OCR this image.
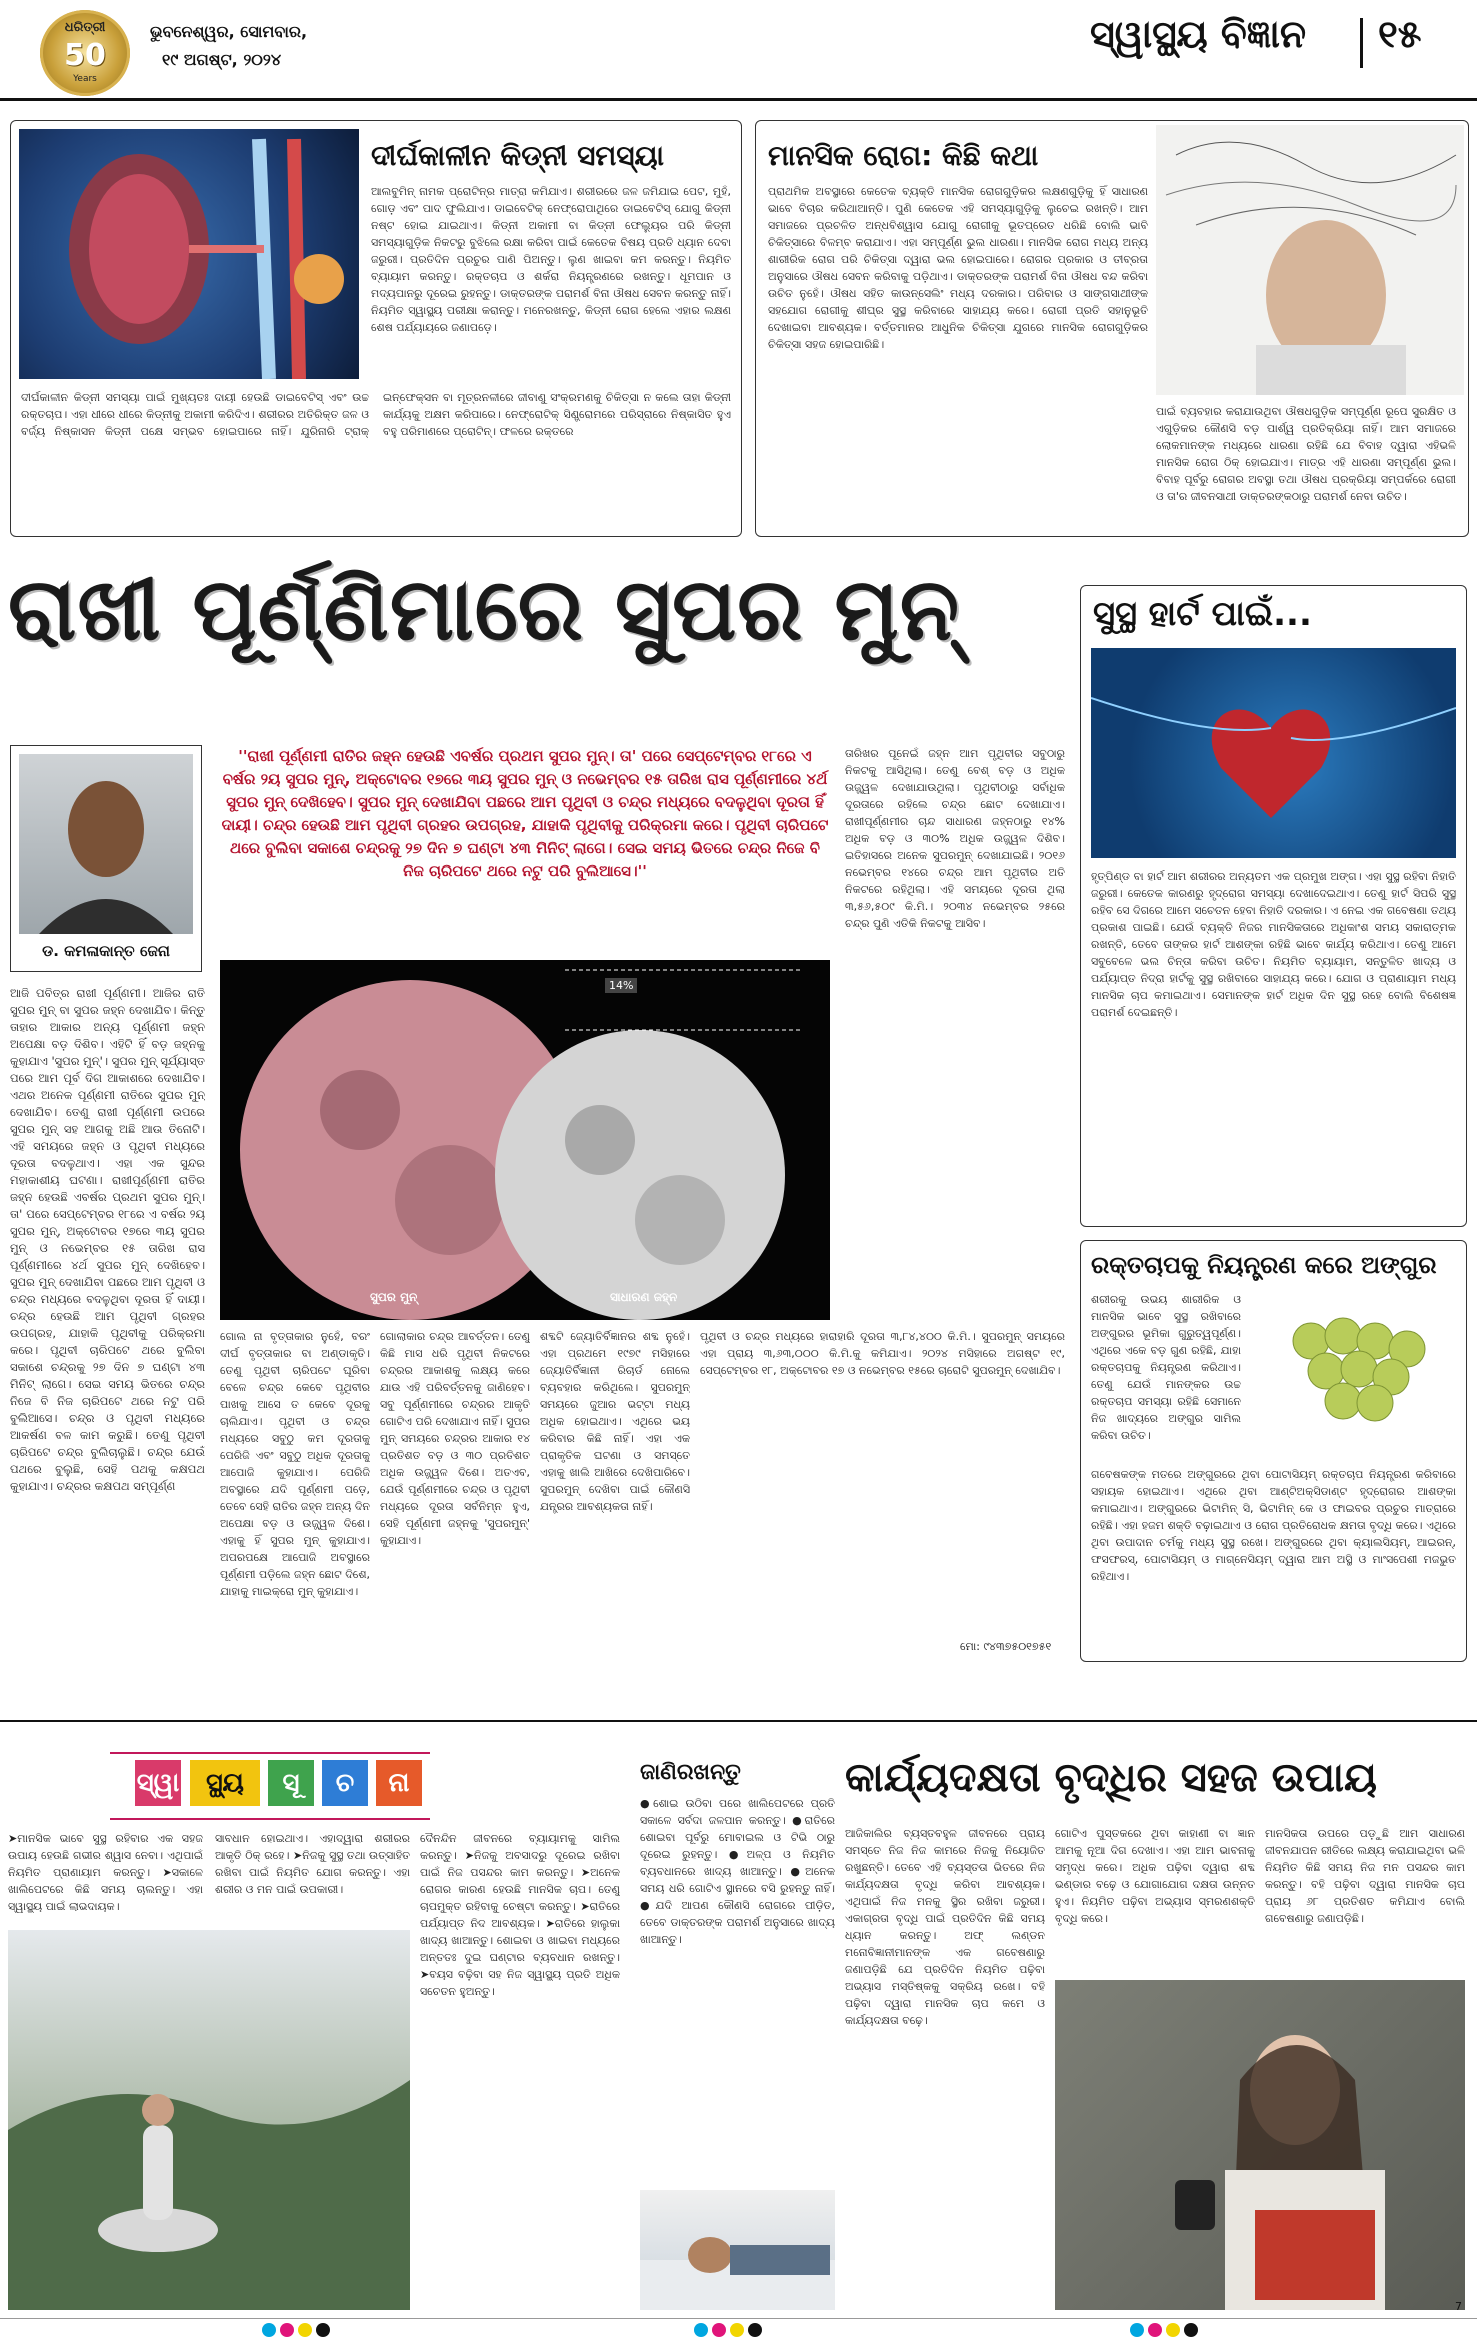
ଧରିତ୍ରୀ
50
Years
ଭୁବନେଶ୍ୱର, ସୋମବାର,
୧୯ ଅଗଷ୍ଟ, ୨୦୨୪
ସ୍ୱାସ୍ଥ୍ୟ ବିଜ୍ଞାନ ୧୫
ଦୀର୍ଘକାଳୀନ କିଡ୍‌ନୀ ସମସ୍ୟା
ଆଲବୁମିନ୍ ନାମକ ପ୍ରୋଟିନ୍‌ର ମାତ୍ରା କମିଯାଏ। ଶରୀରରେ ଜଳ ଜମିଯାଇ ପେଟ, ମୁହଁ, ଗୋଡ଼ ଏବଂ ପାଦ ଫୁଲିଯାଏ। ଡାଇବେଟିକ୍ ନେଫ୍ରୋପାଥିରେ ଡାଇବେଟିସ୍ ଯୋଗୁ କିଡ୍‌ନୀ ନଷ୍ଟ ହୋଇ ଯାଇଥାଏ। କିଡ୍‌ନୀ ଅକାମୀ ବା କିଡ୍‌ନୀ ଫେଲ୍ୟୁର ପରି କିଡ୍‌ନୀ ସମସ୍ୟାଗୁଡ଼ିକ ନିକଟରୁ ବୁଝିଲେ ରକ୍ଷା କରିବା ପାଇଁ କେତେକ ବିଷୟ ପ୍ରତି ଧ୍ୟାନ ଦେବା ଜରୁରୀ। ପ୍ରତିଦିନ ପ୍ରଚୁର ପାଣି ପିଅନ୍ତୁ। ଲୁଣ ଖାଇବା କମ କରନ୍ତୁ। ନିୟମିତ ବ୍ୟାୟାମ କରନ୍ତୁ। ରକ୍ତଚାପ ଓ ଶର୍କରା ନିୟନ୍ତ୍ରଣରେ ରଖନ୍ତୁ। ଧୂମପାନ ଓ ମଦ୍ୟପାନରୁ ଦୂରେଇ ରୁହନ୍ତୁ। ଡାକ୍ତରଙ୍କ ପରାମର୍ଶ ବିନା ଔଷଧ ସେବନ କରନ୍ତୁ ନାହିଁ। ନିୟମିତ ସ୍ୱାସ୍ଥ୍ୟ ପରୀକ୍ଷା କରାନ୍ତୁ। ମନେରଖନ୍ତୁ, କିଡ୍‌ନୀ ରୋଗ ହେଲେ ଏହାର ଲକ୍ଷଣ ଶେଷ ପର୍ଯ୍ୟାୟରେ ଜଣାପଡ଼େ।
ଦୀର୍ଘକାଳୀନ କିଡ୍‌ନୀ ସମସ୍ୟା ପାଇଁ ମୁଖ୍ୟତଃ ଦାୟୀ ହେଉଛି ଡାଇବେଟିସ୍ ଏବଂ ଉଚ୍ଚ ରକ୍ତଚାପ। ଏହା ଧୀରେ ଧୀରେ କିଡ୍‌ନୀକୁ ଅକାମୀ କରିଦିଏ। ଶରୀରର ଅତିରିକ୍ତ ଜଳ ଓ ବର୍ଜ୍ୟ ନିଷ୍କାସନ କିଡ୍‌ନୀ ପକ୍ଷେ ସମ୍ଭବ ହୋଇପାରେ ନାହିଁ। ଯୁରିନାରି ଟ୍ରାକ୍ ଇନ୍‌ଫେକ୍‌ସନ ବା ମୂତ୍ରନଳୀରେ ଜୀବାଣୁ ସଂକ୍ରମଣକୁ ଚିକିତ୍ସା ନ କଲେ ତାହା କିଡ୍‌ନୀ କାର୍ଯ୍ୟକୁ ଅକ୍ଷମ କରିପାରେ। ନେଫ୍ରୋଟିକ୍ ସିଣ୍ଡ୍ରୋମରେ ପରିସ୍ରାରେ ନିଷ୍କାସିତ ହୁଏ ବହୁ ପରିମାଣରେ ପ୍ରୋଟିନ୍। ଫଳରେ ରକ୍ତରେ
ମାନସିକ ରୋଗ: କିଛି କଥା
ପ୍ରାଥମିକ ଅବସ୍ଥାରେ କେତେକ ବ୍ୟକ୍ତି ମାନସିକ ରୋଗଗୁଡ଼ିକର ଲକ୍ଷଣଗୁଡ଼ିକୁ ହିଁ ସାଧାରଣ ଭାବେ ବିଚାର କରିଥାଆନ୍ତି। ପୁଣି କେତେକ ଏହି ସମସ୍ୟାଗୁଡ଼ିକୁ ଲୁଚେଇ ରଖନ୍ତି। ଆମ ସମାଜରେ ପ୍ରଚଳିତ ଅନ୍ଧବିଶ୍ୱାସ ଯୋଗୁ ରୋଗୀକୁ ଭୂତପ୍ରେତ ଧରିଛି ବୋଲି ଭାବି ଚିକିତ୍ସାରେ ବିଳମ୍ବ କରାଯାଏ। ଏହା ସମ୍ପୂର୍ଣ୍ଣ ଭୁଲ ଧାରଣା। ମାନସିକ ରୋଗ ମଧ୍ୟ ଅନ୍ୟ ଶାରୀରିକ ରୋଗ ପରି ଚିକିତ୍ସା ଦ୍ୱାରା ଭଲ ହୋଇପାରେ। ରୋଗର ପ୍ରକାର ଓ ତୀବ୍ରତା ଅନୁସାରେ ଔଷଧ ସେବନ କରିବାକୁ ପଡ଼ିଥାଏ। ଡାକ୍ତରଙ୍କ ପରାମର୍ଶ ବିନା ଔଷଧ ବନ୍ଦ କରିବା ଉଚିତ ନୁହେଁ। ଔଷଧ ସହିତ କାଉନ୍ସେଲିଂ ମଧ୍ୟ ଦରକାର। ପରିବାର ଓ ସାଙ୍ଗସାଥୀଙ୍କ ସହଯୋଗ ରୋଗୀକୁ ଶୀଘ୍ର ସୁସ୍ଥ କରିବାରେ ସାହାଯ୍ୟ କରେ। ରୋଗୀ ପ୍ରତି ସହାନୁଭୂତି ଦେଖାଇବା ଆବଶ୍ୟକ। ବର୍ତ୍ତମାନର ଆଧୁନିକ ଚିକିତ୍ସା ଯୁଗରେ ମାନସିକ ରୋଗଗୁଡ଼ିକର ଚିକିତ୍ସା ସହଜ ହୋଇପାରିଛି।
ପାଇଁ ବ୍ୟବହାର କରାଯାଉଥିବା ଔଷଧଗୁଡ଼ିକ ସମ୍ପୂର୍ଣ୍ଣ ରୂପେ ସୁରକ୍ଷିତ ଓ ଏଗୁଡ଼ିକର କୌଣସି ବଡ଼ ପାର୍ଶ୍ୱ ପ୍ରତିକ୍ରିୟା ନାହିଁ। ଆମ ସମାଜରେ ଲୋକମାନଙ୍କ ମଧ୍ୟରେ ଧାରଣା ରହିଛି ଯେ ବିବାହ ଦ୍ୱାରା ଏହିଭଳି ମାନସିକ ରୋଗ ଠିକ୍ ହୋଇଯାଏ। ମାତ୍ର ଏହି ଧାରଣା ସମ୍ପୂର୍ଣ୍ଣ ଭୁଲ। ବିବାହ ପୂର୍ବରୁ ରୋଗର ଅବସ୍ଥା ତଥା ଔଷଧ ପ୍ରକ୍ରିୟା ସମ୍ପର୍କରେ ରୋଗୀ ଓ ତା'ର ଜୀବନସାଥୀ ଡାକ୍ତରଙ୍କଠାରୁ ପରାମର୍ଶ ନେବା ଉଚିତ।
ରାଖୀ ପୂର୍ଣ୍ଣିମାରେ ସୁପର ମୁନ୍
ଡ. କମଳାକାନ୍ତ ଜେନା
''ରାଖୀ ପୂର୍ଣ୍ଣମୀ ରାତିର ଜହ୍ନ ହେଉଛି ଏବର୍ଷର ପ୍ରଥମ ସୁପର ମୁନ୍। ତା' ପରେ ସେପ୍ଟେମ୍ବର ୧୮ରେ ଏ ବର୍ଷର ୨ୟ ସୁପର ମୁନ୍, ଅକ୍ଟୋବର ୧୭ରେ ୩ୟ ସୁପର ମୁନ୍ ଓ ନଭେମ୍ବର ୧୫ ତାରିଖ ରାସ ପୂର୍ଣ୍ଣମୀରେ ୪ର୍ଥ ସୁପର ମୁନ୍ ଦେଖିହେବ। ସୁପର ମୁନ୍ ଦେଖାଯିବା ପଛରେ ଆମ ପୃଥିବୀ ଓ ଚନ୍ଦ୍ର ମଧ୍ୟରେ ବଦଳୁଥିବା ଦୂରତା ହିଁ ଦାୟୀ। ଚନ୍ଦ୍ର ହେଉଛି ଆମ ପୃଥିବୀ ଗ୍ରହର ଉପଗ୍ରହ, ଯାହାକି ପୃଥିବୀକୁ ପରିକ୍ରମା କରେ। ପୃଥିବୀ ଚାରିପଟେ ଥରେ ବୁଲିବା ସକାଶେ ଚନ୍ଦ୍ରକୁ ୨୭ ଦିନ ୭ ଘଣ୍ଟା ୪୩ ମିନିଟ୍ ଲାଗେ। ସେଇ ସମୟ ଭିତରେ ଚନ୍ଦ୍ର ନିଜେ ବି ନିଜ ଚାରିପଟେ ଥରେ ନଟୁ ପରି ବୁଲିଆସେ।''
14%
ସୁପର ମୁନ୍	ସାଧାରଣ ଜହ୍ନ
ଆଜି ପବିତ୍ର ରାଖୀ ପୂର୍ଣ୍ଣମୀ। ଆଜିର ରାତି ସୁପର ମୁନ୍ ବା ସୁପର ଜହ୍ନ ଦେଖାଯିବ। କିନ୍ତୁ ତାହାର ଆକାର ଅନ୍ୟ ପୂର୍ଣ୍ଣମୀ ଜହ୍ନ ଅପେକ୍ଷା ବଡ଼ ଦିଶିବ। ଏହିଟି ହିଁ ବଡ଼ ଜହ୍ନକୁ କୁହାଯାଏ 'ସୁପର ମୁନ୍'। ସୁପର ମୁନ୍ ସୂର୍ଯ୍ୟାସ୍ତ ପରେ ଆମ ପୂର୍ବ ଦିଗ ଆକାଶରେ ଦେଖାଯିବ। ଏଥର ଅନେକ ପୂର୍ଣ୍ଣମୀ ରାତିରେ ସୁପର ମୁନ୍ ଦେଖାଯିବ। ତେଣୁ ରାଖୀ ପୂର୍ଣ୍ଣମୀ ଉପରେ ସୁପର ମୁନ୍ ସହ ଆଗକୁ ଅଛି ଆଉ ତିନୋଟି। ଏହି ସମୟରେ ଜହ୍ନ ଓ ପୃଥିବୀ ମଧ୍ୟରେ ଦୂରତା ବଦଳୁଥାଏ। ଏହା ଏକ ସୁନ୍ଦର ମହାକାଶୀୟ ଘଟଣା। ରାଖୀପୂର୍ଣ୍ଣମୀ ରାତିର ଜହ୍ନ ହେଉଛି ଏବର୍ଷର ପ୍ରଥମ ସୁପର ମୁନ୍। ତା' ପରେ ସେପ୍ଟେମ୍ବର ୧୮ରେ ଏ ବର୍ଷର ୨ୟ ସୁପର ମୁନ୍, ଅକ୍ଟୋବର ୧୭ରେ ୩ୟ ସୁପର ମୁନ୍ ଓ ନଭେମ୍ବର ୧୫ ତାରିଖ ରାସ ପୂର୍ଣ୍ଣମୀରେ ୪ର୍ଥ ସୁପର ମୁନ୍ ଦେଖିହେବ। ସୁପର ମୁନ୍ ଦେଖାଯିବା ପଛରେ ଆମ ପୃଥିବୀ ଓ ଚନ୍ଦ୍ର ମଧ୍ୟରେ ବଦଳୁଥିବା ଦୂରତା ହିଁ ଦାୟୀ। ଚନ୍ଦ୍ର ହେଉଛି ଆମ ପୃଥିବୀ ଗ୍ରହର ଉପଗ୍ରହ, ଯାହାକି ପୃଥିବୀକୁ ପରିକ୍ରମା କରେ। ପୃଥିବୀ ଚାରିପଟେ ଥରେ ବୁଲିବା ସକାଶେ ଚନ୍ଦ୍ରକୁ ୨୭ ଦିନ ୭ ଘଣ୍ଟା ୪୩ ମିନିଟ୍ ଲାଗେ। ସେଇ ସମୟ ଭିତରେ ଚନ୍ଦ୍ର ନିଜେ ବି ନିଜ ଚାରିପଟେ ଥରେ ନଟୁ ପରି ବୁଲିଆସେ। ଚନ୍ଦ୍ର ଓ ପୃଥିବୀ ମଧ୍ୟରେ ଆକର୍ଷଣ ବଳ କାମ କରୁଛି। ତେଣୁ ପୃଥିବୀ ଚାରିପଟେ ଚନ୍ଦ୍ର ବୁଲିଚାଲୁଛି। ଚନ୍ଦ୍ର ଯେଉଁ ପଥରେ ବୁଲୁଛି, ସେହି ପଥକୁ କକ୍ଷପଥ କୁହାଯାଏ। ଚନ୍ଦ୍ରର କକ୍ଷପଥ ସମ୍ପୂର୍ଣ୍ଣ
ଗୋଲ ନା ବୃତ୍ତାକାର ନୁହେଁ, ବରଂ ଦୀର୍ଘ ବୃତ୍ତାକାର ବା ଅଣ୍ଡାକୃତି। ତେଣୁ ପୃଥିବୀ ଚାରିପଟେ ଘୂରିବା ବେଳେ ଚନ୍ଦ୍ର କେବେ ପୃଥିବୀର ପାଖକୁ ଆସେ ତ କେବେ ଦୂରକୁ ଚାଲିଯାଏ। ପୃଥିବୀ ଓ ଚନ୍ଦ୍ର ମଧ୍ୟରେ ସବୁଠୁ କମ ଦୂରତାକୁ ପେରିଜି ଏବଂ ସବୁଠୁ ଅଧିକ ଦୂରତାକୁ ଆପୋଜି କୁହାଯାଏ। ପେରିଜି ଅବସ୍ଥାରେ ଯଦି ପୂର୍ଣ୍ଣମୀ ପଡ଼େ, ତେବେ ସେହି ରାତିର ଜହ୍ନ ଅନ୍ୟ ଦିନ ଅପେକ୍ଷା ବଡ଼ ଓ ଉଜ୍ଜ୍ୱଳ ଦିଶେ। ଏହାକୁ ହିଁ ସୁପର ମୁନ୍ କୁହାଯାଏ। ଅପରପକ୍ଷେ ଆପୋଜି ଅବସ୍ଥାରେ ପୂର୍ଣ୍ଣମୀ ପଡ଼ିଲେ ଜହ୍ନ ଛୋଟ ଦିଶେ, ଯାହାକୁ ମାଇକ୍ରୋ ମୁନ୍ କୁହାଯାଏ।
ଗୋଲାକାର ଚନ୍ଦ୍ର ଆବର୍ତ୍ତନ। ତେଣୁ କିଛି ମାସ ଧରି ପୃଥିବୀ ନିକଟରେ ଚନ୍ଦ୍ରର ଆକାଶକୁ ଲକ୍ଷ୍ୟ କରେ ଯାଉ ଏହି ପରିବର୍ତ୍ତନକୁ ଜାଣିହେବ। ସବୁ ପୂର୍ଣ୍ଣମୀରେ ଚନ୍ଦ୍ରର ଆକୃତି ଗୋଟିଏ ପରି ଦେଖାଯାଏ ନାହିଁ। ସୁପର ମୁନ୍ ସମୟରେ ଚନ୍ଦ୍ରର ଆକାର ୧୪ ପ୍ରତିଶତ ବଡ଼ ଓ ୩୦ ପ୍ରତିଶତ ଅଧିକ ଉଜ୍ଜ୍ୱଳ ଦିଶେ। ଅତଏବ, ଯେଉଁ ପୂର୍ଣ୍ଣମୀରେ ଚନ୍ଦ୍ର ଓ ପୃଥିବୀ ମଧ୍ୟରେ ଦୂରତା ସର୍ବନିମ୍ନ ହୁଏ, ସେହି ପୂର୍ଣ୍ଣମୀ ଜହ୍ନକୁ 'ସୁପରମୁନ୍' କୁହାଯାଏ।
ଶବ୍ଦଟି ଜ୍ୟୋତିର୍ବିଜ୍ଞାନର ଶବ୍ଦ ନୁହେଁ। ଏହା ପ୍ରଥମେ ୧୯୭୯ ମସିହାରେ ଜ୍ୟୋତିର୍ବିଜ୍ଞାନୀ ରିଚାର୍ଡ ନୋଲେ ବ୍ୟବହାର କରିଥିଲେ। ସୁପରମୁନ୍ ସମୟରେ ଜୁଆର ଭଟ୍ଟା ମଧ୍ୟ ଅଧିକ ହୋଇଥାଏ। ଏଥିରେ ଭୟ କରିବାର କିଛି ନାହିଁ। ଏହା ଏକ ପ୍ରାକୃତିକ ଘଟଣା ଓ ସମସ୍ତେ ଏହାକୁ ଖାଲି ଆଖିରେ ଦେଖିପାରିବେ। ସୁପରମୁନ୍ ଦେଖିବା ପାଇଁ କୌଣସି ଯନ୍ତ୍ରର ଆବଶ୍ୟକତା ନାହିଁ।
ତାରିଖର ପୂନେଇଁ ଜହ୍ନ ଆମ ପୃଥିବୀର ସବୁଠାରୁ ନିକଟକୁ ଆସିଥିଲା। ତେଣୁ ବେଶ୍ ବଡ଼ ଓ ଅଧିକ ଉଜ୍ଜ୍ୱଳ ଦେଖାଯାଉଥିଲା। ପୃଥିବୀଠାରୁ ସର୍ବାଧିକ ଦୂରତାରେ ରହିଲେ ଚନ୍ଦ୍ର ଛୋଟ ଦେଖାଯାଏ। ରାଖୀପୂର୍ଣ୍ଣମୀର ଚାନ୍ଦ ସାଧାରଣ ଜହ୍ନଠାରୁ ୧୪% ଅଧିକ ବଡ଼ ଓ ୩୦% ଅଧିକ ଉଜ୍ଜ୍ୱଳ ଦିଶିବ। ଇତିହାସରେ ଅନେକ ସୁପରମୁନ୍ ଦେଖାଯାଇଛି। ୨୦୧୬ ନଭେମ୍ବର ୧୪ରେ ଚନ୍ଦ୍ର ଆମ ପୃଥିବୀର ଅତି ନିକଟରେ ରହିଥିଲା। ଏହି ସମୟରେ ଦୂରତା ଥିଲା ୩,୫୬,୫୦୯ କି.ମି.। ୨୦୩୪ ନଭେମ୍ବର ୨୫ରେ ଚନ୍ଦ୍ର ପୁଣି ଏତିକି ନିକଟକୁ ଆସିବ।
ପୃଥିବୀ ଓ ଚନ୍ଦ୍ର ମଧ୍ୟରେ ହାରାହାରି ଦୂରତା ୩,୮୪,୪୦୦ କି.ମି.। ସୁପରମୁନ୍ ସମୟରେ ଏହା ପ୍ରାୟ ୩,୬୩,୦୦୦ କି.ମି.କୁ କମିଯାଏ। ୨୦୨୪ ମସିହାରେ ଅଗଷ୍ଟ ୧୯, ସେପ୍ଟେମ୍ବର ୧୮, ଅକ୍ଟୋବର ୧୭ ଓ ନଭେମ୍ବର ୧୫ରେ ଚାରୋଟି ସୁପରମୁନ୍ ଦେଖାଯିବ।
ମୋ: ୯୪୩୭୫୦୧୭୫୧
ସୁସ୍ଥ ହାର୍ଟ ପାଇଁ...
ହୃତ୍‌ପିଣ୍ଡ ବା ହାର୍ଟ ଆମ ଶରୀରର ଅନ୍ୟତମ ଏକ ପ୍ରମୁଖ ଅଙ୍ଗ। ଏହା ସୁସ୍ଥ ରହିବା ନିହାତି ଜରୁରୀ। କେତେକ କାରଣରୁ ହୃଦ୍‌ରୋଗ ସମସ୍ୟା ଦେଖାଦେଇଥାଏ। ତେଣୁ ହାର୍ଟ ସିପରି ସୁସ୍ଥ ରହିବ ସେ ଦିଗରେ ଆମେ ସଚେତନ ହେବା ନିହାତି ଦରକାର। ଏ ନେଇ ଏକ ଗବେଷଣା ତଥ୍ୟ ପ୍ରକାଶ ପାଇଛି। ଯେଉଁ ବ୍ୟକ୍ତି ନିଜର ମାନସିକତାରେ ଅଧିକାଂଶ ସମୟ ସକାରାତ୍ମକ ରଖନ୍ତି, ତେବେ ତାଙ୍କର ହାର୍ଟ ଆଶଙ୍କା ରହିଛି ଭାବେ କାର୍ଯ୍ୟ କରିଥାଏ। ତେଣୁ ଆମେ ସବୁବେଳେ ଭଲ ଚିନ୍ତା କରିବା ଉଚିତ। ନିୟମିତ ବ୍ୟାୟାମ, ସନ୍ତୁଳିତ ଖାଦ୍ୟ ଓ ପର୍ଯ୍ୟାପ୍ତ ନିଦ୍ରା ହାର୍ଟକୁ ସୁସ୍ଥ ରଖିବାରେ ସାହାଯ୍ୟ କରେ। ଯୋଗ ଓ ପ୍ରାଣାୟାମ ମଧ୍ୟ ମାନସିକ ଚାପ କମାଇଥାଏ। ସେମାନଙ୍କ ହାର୍ଟ ଅଧିକ ଦିନ ସୁସ୍ଥ ରହେ ବୋଲି ବିଶେଷଜ୍ଞ ପରାମର୍ଶ ଦେଇଛନ୍ତି।
ରକ୍ତଚାପକୁ ନିୟନ୍ତ୍ରଣ କରେ ଅଙ୍ଗୁର
ଶରୀରକୁ ଉଭୟ ଶାରୀରିକ ଓ ମାନସିକ ଭାବେ ସୁସ୍ଥ ରଖିବାରେ ଅଙ୍ଗୁରର ଭୂମିକା ଗୁରୁତ୍ୱପୂର୍ଣ୍ଣ। ଏଥିରେ ଏକେ ବଡ଼ ଗୁଣ ରହିଛି, ଯାହା ରକ୍ତଚାପକୁ ନିୟନ୍ତ୍ରଣ କରିଥାଏ। ତେଣୁ ଯେଉଁ ମାନଙ୍କର ଉଚ୍ଚ ରକ୍ତଚାପ ସମସ୍ୟା ରହିଛି ସେମାନେ ନିଜ ଖାଦ୍ୟରେ ଅଙ୍ଗୁର ସାମିଲ କରିବା ଉଚିତ।
ଗବେଷକଙ୍କ ମତରେ ଅଙ୍ଗୁରରେ ଥିବା ପୋଟାସିୟମ୍ ରକ୍ତଚାପ ନିୟନ୍ତ୍ରଣ କରିବାରେ ସହାୟକ ହୋଇଥାଏ। ଏଥିରେ ଥିବା ଆଣ୍ଟିଅକ୍‌ସିଡାଣ୍ଟ ହୃଦ୍‌ରୋଗର ଆଶଙ୍କା କମାଇଥାଏ। ଅଙ୍ଗୁରରେ ଭିଟାମିନ୍ ସି, ଭିଟାମିନ୍ କେ ଓ ଫାଇବର ପ୍ରଚୁର ମାତ୍ରାରେ ରହିଛି। ଏହା ହଜମ ଶକ୍ତି ବଢ଼ାଇଥାଏ ଓ ରୋଗ ପ୍ରତିରୋଧକ କ୍ଷମତା ବୃଦ୍ଧି କରେ। ଏଥିରେ ଥିବା ଉପାଦାନ ଚର୍ମକୁ ମଧ୍ୟ ସୁସ୍ଥ ରଖେ। ଅଙ୍ଗୁରରେ ଥିବା କ୍ୟାଲସିୟମ୍, ଆଇରନ୍, ଫସଫରସ୍, ପୋଟାସିୟମ୍ ଓ ମାଗ୍ନେସିୟମ୍ ଦ୍ୱାରା ଆମ ଅସ୍ଥି ଓ ମାଂସପେଶୀ ମଜଭୁତ ରହିଥାଏ।
ସ୍ୱା	ସ୍ଥ୍ୟ	ସୂ	ଚ	ନା
➤ମାନସିକ ଭାବେ ସୁସ୍ଥ ରହିବାର ଏକ ସହଜ ଉପାୟ ହେଉଛି ଗଭୀର ଶ୍ୱାସ ନେବା। ଏଥିପାଇଁ ନିୟମିତ ପ୍ରାଣାୟାମ କରନ୍ତୁ। ➤ସକାଳେ ଖାଲିପେଟରେ କିଛି ସମୟ ଚାଲନ୍ତୁ। ଏହା ସ୍ୱାସ୍ଥ୍ୟ ପାଇଁ ଲାଭଦାୟକ।
ସାବଧାନ ହୋଇଥାଏ। ଏହାଦ୍ୱାରା ଶରୀରର ଆକୃତି ଠିକ୍ ରହେ। ➤ନିଜକୁ ସୁସ୍ଥ ତଥା ଉତ୍ସାହିତ ରଖିବା ପାଇଁ ନିୟମିତ ଯୋଗ କରନ୍ତୁ। ଏହା ଶରୀର ଓ ମନ ପାଇଁ ଉପକାରୀ।
ଦୈନନ୍ଦିନ ଜୀବନରେ ବ୍ୟାୟାମକୁ ସାମିଲ କରନ୍ତୁ। ➤ନିଜକୁ ଅବସାଦରୁ ଦୂରେଇ ରଖିବା ପାଇଁ ନିଜ ପସନ୍ଦର କାମ କରନ୍ତୁ। ➤ଅନେକ ରୋଗର କାରଣ ହେଉଛି ମାନସିକ ଚାପ। ତେଣୁ ଚାପମୁକ୍ତ ରହିବାକୁ ଚେଷ୍ଟା କରନ୍ତୁ। ➤ରାତିରେ ପର୍ଯ୍ୟାପ୍ତ ନିଦ ଆବଶ୍ୟକ। ➤ରାତିରେ ହାଲୁକା ଖାଦ୍ୟ ଖାଆନ୍ତୁ। ଶୋଇବା ଓ ଖାଇବା ମଧ୍ୟରେ ଅନ୍ତତଃ ଦୁଇ ଘଣ୍ଟାର ବ୍ୟବଧାନ ରଖନ୍ତୁ। ➤ବୟସ ବଢ଼ିବା ସହ ନିଜ ସ୍ୱାସ୍ଥ୍ୟ ପ୍ରତି ଅଧିକ ସଚେତନ ହୁଅନ୍ତୁ।
ଜାଣିରଖନ୍ତୁ
●ଶୋଇ ଉଠିବା ପରେ ଖାଲିପେଟରେ ପ୍ରତି ସକାଳେ ସର୍ବଦା ଜଳପାନ କରନ୍ତୁ। ●ରାତିରେ ଶୋଇବା ପୂର୍ବରୁ ମୋବାଇଲ ଓ ଟିଭି ଠାରୁ ଦୂରେଇ ରୁହନ୍ତୁ। ●ଅଳ୍ପ ଓ ନିୟମିତ ବ୍ୟବଧାନରେ ଖାଦ୍ୟ ଖାଆନ୍ତୁ। ●ଅନେକ ସମୟ ଧରି ଗୋଟିଏ ସ୍ଥାନରେ ବସି ରୁହନ୍ତୁ ନାହିଁ। ●ଯଦି ଆପଣ କୌଣସି ରୋଗରେ ପୀଡ଼ିତ, ତେବେ ଡାକ୍ତରଙ୍କ ପରାମର୍ଶ ଅନୁସାରେ ଖାଦ୍ୟ ଖାଆନ୍ତୁ।
କାର୍ଯ୍ୟଦକ୍ଷତା ବୃଦ୍ଧିର ସହଜ ଉପାୟ
ଆଜିକାଲିର ବ୍ୟସ୍ତବହୁଳ ଜୀବନରେ ପ୍ରାୟ ସମସ୍ତେ ନିଜ ନିଜ କାମରେ ନିଜକୁ ନିୟୋଜିତ ରଖୁଛନ୍ତି। ତେବେ ଏହି ବ୍ୟସ୍ତତା ଭିତରେ ନିଜ କାର୍ଯ୍ୟଦକ୍ଷତା ବୃଦ୍ଧି କରିବା ଆବଶ୍ୟକ। ଏଥିପାଇଁ ନିଜ ମନକୁ ସ୍ଥିର ରଖିବା ଜରୁରୀ। ଏକାଗ୍ରତା ବୃଦ୍ଧି ପାଇଁ ପ୍ରତିଦିନ କିଛି ସମୟ ଧ୍ୟାନ କରନ୍ତୁ। ଅଫ୍ ଲଣ୍ଡନ ମନୋବିଜ୍ଞାନୀମାନଙ୍କ ଏକ ଗବେଷଣାରୁ ଜଣାପଡ଼ିଛି ଯେ ପ୍ରତିଦିନ ନିୟମିତ ପଢ଼ିବା ଅଭ୍ୟାସ ମସ୍ତିଷ୍କକୁ ସକ୍ରିୟ ରଖେ। ବହି ପଢ଼ିବା ଦ୍ୱାରା ମାନସିକ ଚାପ କମେ ଓ କାର୍ଯ୍ୟଦକ୍ଷତା ବଢ଼େ।
ଗୋଟିଏ ପୁସ୍ତକରେ ଥିବା କାହାଣୀ ବା ଜ୍ଞାନ ଆମକୁ ନୂଆ ଦିଗ ଦେଖାଏ। ଏହା ଆମ ଭାବନାକୁ ସମୃଦ୍ଧ କରେ। ଅଧିକ ପଢ଼ିବା ଦ୍ୱାରା ଶବ୍ଦ ଭଣ୍ଡାର ବଢ଼େ ଓ ଯୋଗାଯୋଗ ଦକ୍ଷତା ଉନ୍ନତ ହୁଏ। ନିୟମିତ ପଢ଼ିବା ଅଭ୍ୟାସ ସ୍ମରଣଶକ୍ତି ବୃଦ୍ଧି କରେ।
ମାନସିକତା ଉପରେ ପଡ଼ୁଛି ଆମ ସାଧାରଣ ଜୀବନଯାପନ ରୀତିରେ ଲକ୍ଷ୍ୟ କରାଯାଇଥିବା ଭଳି ନିୟମିତ କିଛି ସମୟ ନିଜ ମନ ପସନ୍ଦର କାମ କରନ୍ତୁ। ବହି ପଢ଼ିବା ଦ୍ୱାରା ମାନସିକ ଚାପ ପ୍ରାୟ ୬୮ ପ୍ରତିଶତ କମିଯାଏ ବୋଲି ଗବେଷଣାରୁ ଜଣାପଡ଼ିଛି।
7
